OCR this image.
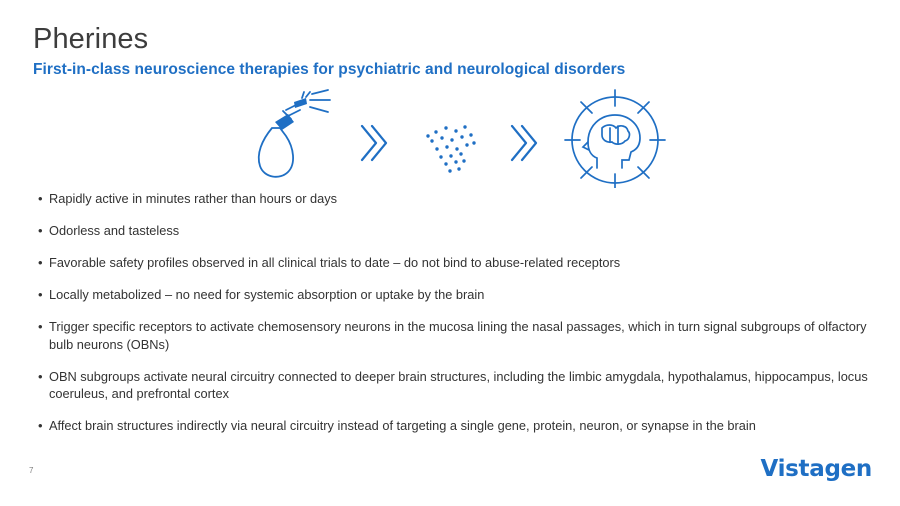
Pherines
First-in-class neuroscience therapies for psychiatric and neurological disorders
• Rapidly active in minutes rather than hours or days
• Odorless and tasteless
• Favorable safety profiles observed in all clinical trials to date – do not bind to abuse-related receptors
• Locally metabolized – no need for systemic absorption or uptake by the brain
• Trigger specific receptors to activate chemosensory neurons in the mucosa lining the nasal passages, which in turn signal subgroups of olfactory bulb neurons (OBNs)
• OBN subgroups activate neural circuitry connected to deeper brain structures, including the limbic amygdala, hypothalamus, hippocampus, locus coeruleus, and prefrontal cortex
• Affect brain structures indirectly via neural circuitry instead of targeting a single gene, protein, neuron, or synapse in the brain
7	Vistagen
